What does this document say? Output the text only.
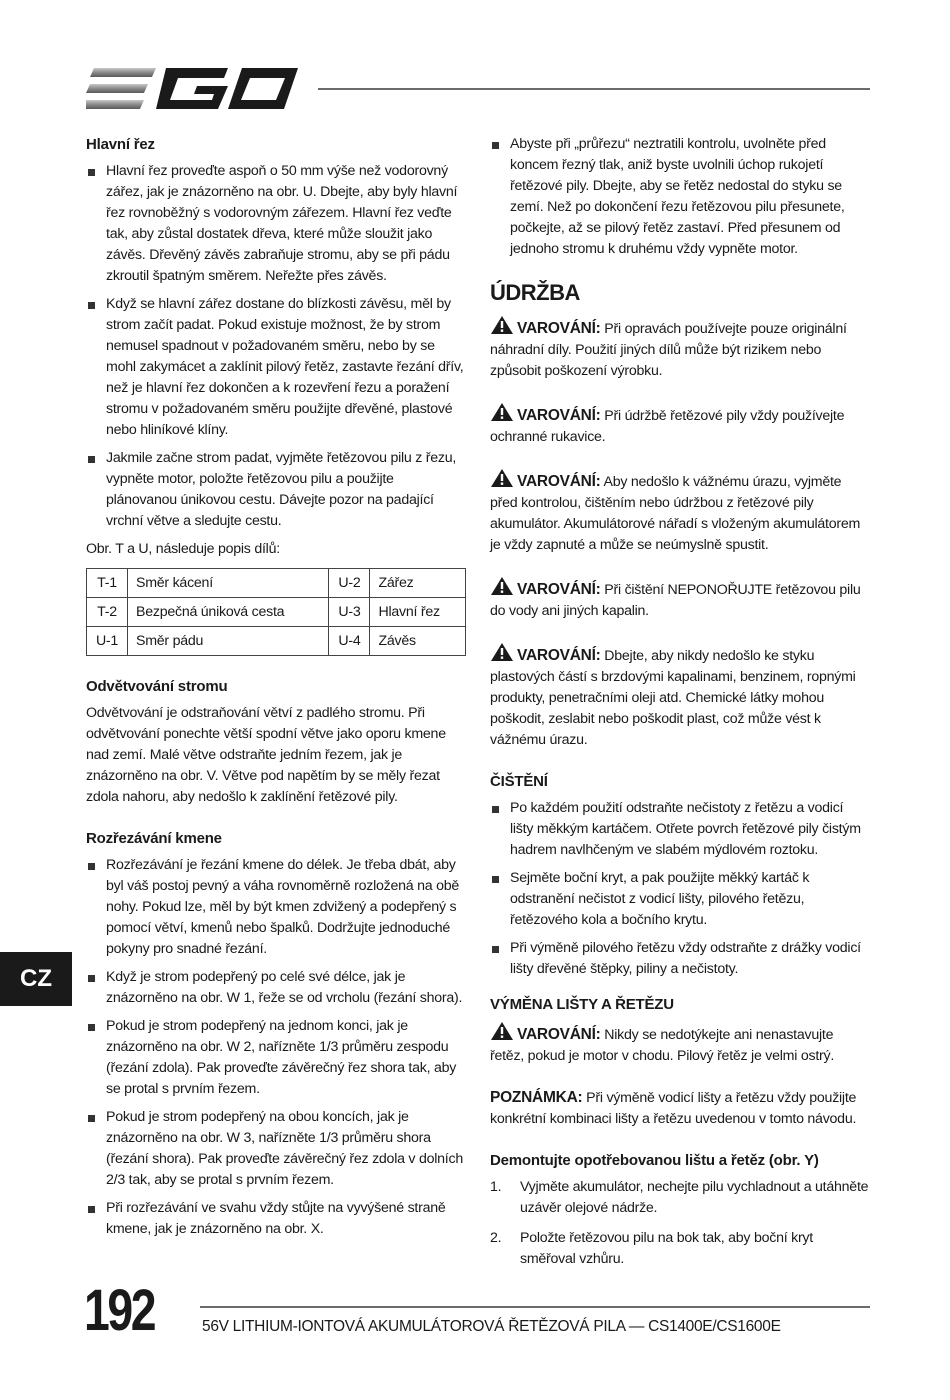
Hlavní řez
Hlavní řez proveďte aspoň o 50 mm výše než vodorovný zářez, jak je znázorněno na obr. U. Dbejte, aby byly hlavní řez rovnoběžný s vodorovným zářezem. Hlavní řez veďte tak, aby zůstal dostatek dřeva, které může sloužit jako závěs. Dřevěný závěs zabraňuje stromu, aby se při pádu zkroutil špatným směrem. Neřežte přes závěs.
Když se hlavní zářez dostane do blízkosti závěsu, měl by strom začít padat. Pokud existuje možnost, že by strom nemusel spadnout v požadovaném směru, nebo by se mohl zakymácet a zaklínit pilový řetěz, zastavte řezání dřív, než je hlavní řez dokončen a k rozevření řezu a poražení stromu v požadovaném směru použijte dřevěné, plastové nebo hliníkové klíny.
Jakmile začne strom padat, vyjměte řetězovou pilu z řezu, vypněte motor, položte řetězovou pilu a použijte plánovanou únikovou cestu. Dávejte pozor na padající vrchní větve a sledujte cestu.

Obr. T a U, následuje popis dílů:

T-1	Směr kácení	U-2	Zářez
T-2	Bezpečná úniková cesta	U-3	Hlavní řez
U-1	Směr pádu	U-4	Závěs
Odvětvování stromu

Odvětvování je odstraňování větví z padlého stromu. Při odvětvování ponechte větší spodní větve jako oporu kmene nad zemí. Malé větve odstraňte jedním řezem, jak je znázorněno na obr. V. Větve pod napětím by se měly řezat zdola nahoru, aby nedošlo k zaklínění řetězové pily.

Rozřezávání kmene
Rozřezávání je řezání kmene do délek. Je třeba dbát, aby byl váš postoj pevný a váha rovnoměrně rozložená na obě nohy. Pokud lze, měl by být kmen zdvižený a podepřený s pomocí větví, kmenů nebo špalků. Dodržujte jednoduché pokyny pro snadné řezání.
Když je strom podepřený po celé své délce, jak je znázorněno na obr. W 1, řeže se od vrcholu (řezání shora).
Pokud je strom podepřený na jednom konci, jak je znázorněno na obr. W 2, nařízněte 1/3 průměru zespodu (řezání zdola). Pak proveďte závěrečný řez shora tak, aby se protal s prvním řezem.
Pokud je strom podepřený na obou koncích, jak je znázorněno na obr. W 3, nařízněte 1/3 průměru shora (řezání shora). Pak proveďte závěrečný řez zdola v dolních 2/3 tak, aby se protal s prvním řezem.
Při rozřezávání ve svahu vždy stůjte na vyvýšené straně kmene, jak je znázorněno na obr. X.
Abyste při „průřezu“ neztratili kontrolu, uvolněte před koncem řezný tlak, aniž byste uvolnili úchop rukojetí řetězové pily. Dbejte, aby se řetěz nedostal do styku se zemí. Než po dokončení řezu řetězovou pilu přesunete, počkejte, až se pilový řetěz zastaví. Před přesunem od jednoho stromu k druhému vždy vypněte motor.
ÚDRŽBA

VAROVÁNÍ: Při opravách používejte pouze originální náhradní díly. Použití jiných dílů může být rizikem nebo způsobit poškození výrobku.

VAROVÁNÍ: Při údržbě řetězové pily vždy používejte ochranné rukavice.

VAROVÁNÍ: Aby nedošlo k vážnému úrazu, vyjměte před kontrolou, čištěním nebo údržbou z řetězové pily akumulátor. Akumulátorové nářadí s vloženým akumulátorem je vždy zapnuté a může se neúmyslně spustit.

VAROVÁNÍ: Při čištění NEPONOŘUJTE řetězovou pilu do vody ani jiných kapalin.

VAROVÁNÍ: Dbejte, aby nikdy nedošlo ke styku plastových částí s brzdovými kapalinami, benzinem, ropnými produkty, penetračními oleji atd. Chemické látky mohou poškodit, zeslabit nebo poškodit plast, což může vést k vážnému úrazu.

ČIŠTĚNÍ
Po každém použití odstraňte nečistoty z řetězu a vodicí lišty měkkým kartáčem. Otřete povrch řetězové pily čistým hadrem navlhčeným ve slabém mýdlovém roztoku.
Sejměte boční kryt, a pak použijte měkký kartáč k odstranění nečistot z vodicí lišty, pilového řetězu, řetězového kola a bočního krytu.
Při výměně pilového řetězu vždy odstraňte z drážky vodicí lišty dřevěné štěpky, piliny a nečistoty.
VÝMĚNA LIŠTY A ŘETĚZU

VAROVÁNÍ: Nikdy se nedotýkejte ani nenastavujte řetěz, pokud je motor v chodu. Pilový řetěz je velmi ostrý.

POZNÁMKA: Při výměně vodicí lišty a řetězu vždy použijte konkrétní kombinaci lišty a řetězu uvedenou v tomto návodu.

Demontujte opotřebovanou lištu a řetěz (obr. Y)
1. Vyjměte akumulátor, nechejte pilu vychladnout a utáhněte uzávěr olejové nádrže.
2. Položte řetězovou pilu na bok tak, aby boční kryt směřoval vzhůru.
CZ
192	56V LITHIUM-IONTOVÁ AKUMULÁTOROVÁ ŘETĚZOVÁ PILA — CS1400E/CS1600E
